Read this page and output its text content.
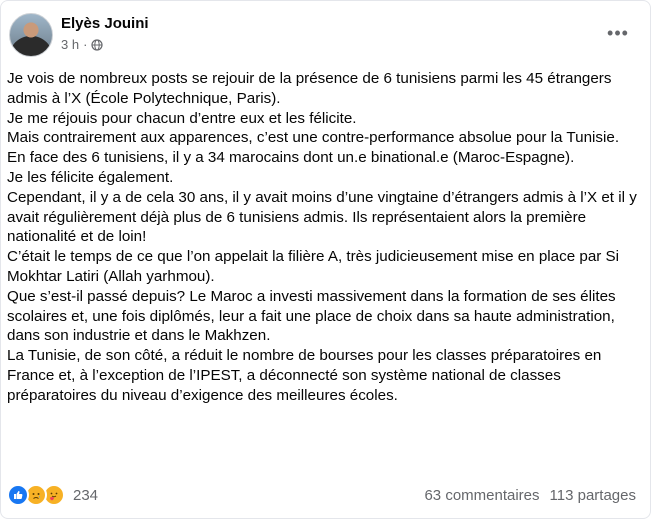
Elyès Jouini
3 h ·
•••

Je vois de nombreux posts se rejouir de la présence de 6 tunisiens parmi les 45 étrangers admis à l’X (École Polytechnique, Paris).

Je me réjouis pour chacun d’entre eux et les félicite.

Mais contrairement aux apparences, c’est une contre-performance absolue pour la Tunisie.

En face des 6 tunisiens, il y a 34 marocains dont un.e binational.e (Maroc-Espagne).

Je les félicite également.

Cependant, il y a de cela 30 ans, il y avait moins d’une vingtaine d’étrangers admis à l’X et il y avait régulièrement déjà plus de 6 tunisiens admis. Ils représentaient alors la première nationalité et de loin!

C’était le temps de ce que l’on appelait la filière A, très judicieusement mise en place par Si Mokhtar Latiri (Allah yarhmou).

Que s’est-il passé depuis? Le Maroc a investi massivement dans la formation de ses élites scolaires et, une fois diplômés, leur a fait une place de choix dans sa haute administration, dans son industrie et dans le Makhzen.

La Tunisie, de son côté, a réduit le nombre de bourses pour les classes préparatoires en France et, à l’exception de l’IPEST, a déconnecté son système national de classes préparatoires du niveau d’exigence des meilleures écoles.

234	63 commentaires 113 partages
